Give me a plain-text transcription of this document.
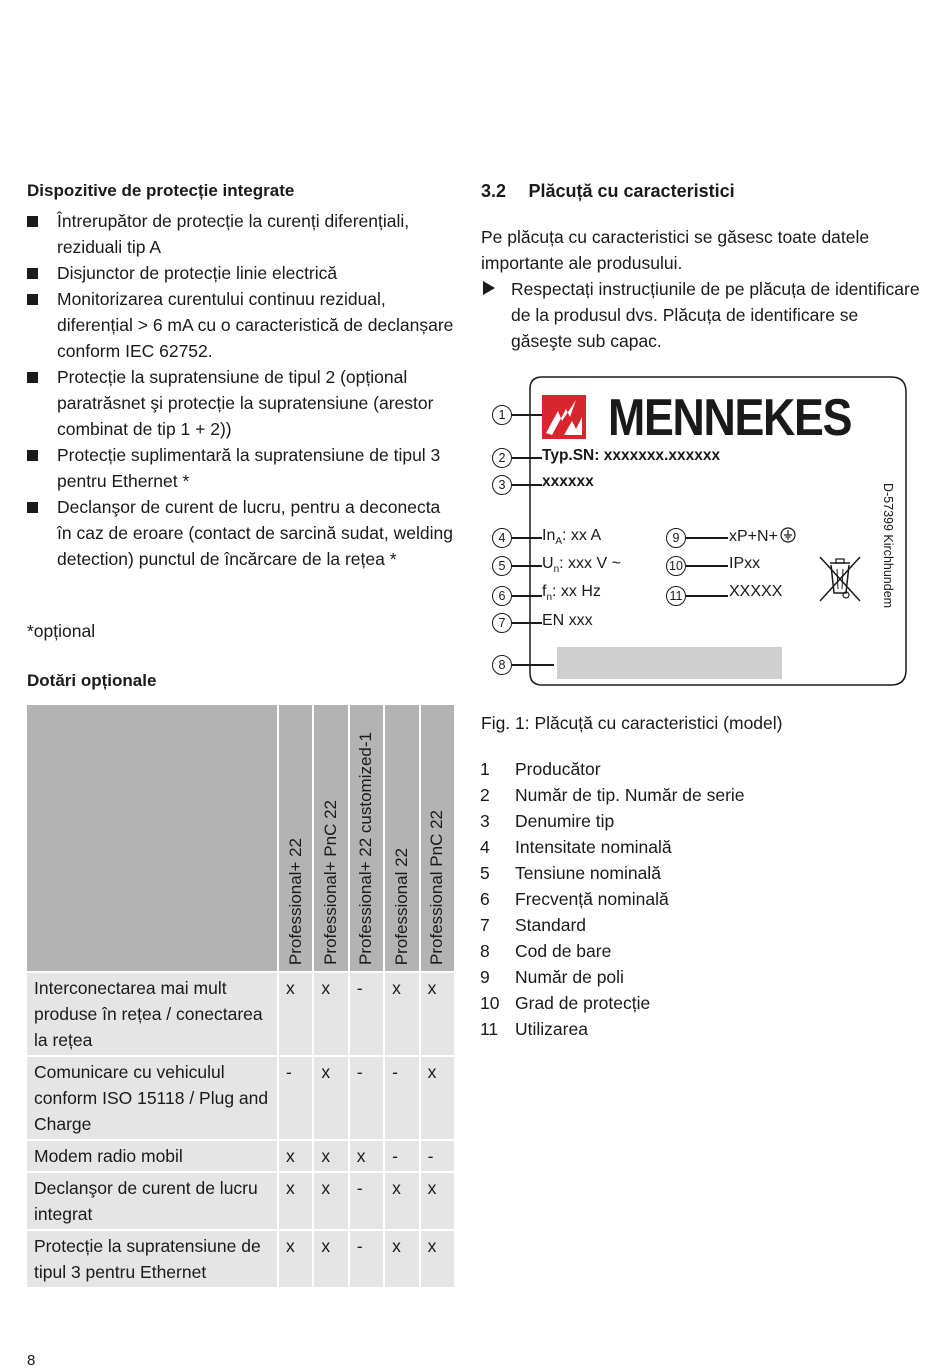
Dispozitive de protecție integrate
Întrerupător de protecție la curenți diferențiali, reziduali tip A
Disjunctor de protecție linie electrică
Monitorizarea curentului continuu rezidual, diferențial > 6 mA cu o caracteristică de declanșare conform IEC 62752.
Protecție la supratensiune de tipul 2 (opțional paratrăsnet şi protecție la supratensiune (arestor combinat de tip 1 + 2))
Protecție suplimentară la supratensiune de tipul 3 pentru Ethernet *
Declanşor de curent de lucru, pentru a deconecta în caz de eroare (contact de sarcină sudat, welding detection) punctul de încărcare de la rețea *
*opțional
Dotări opționale

	Professional+ 22	Professional+ PnC 22	Professional+ 22 customized-1	Professional 22	Professional PnC 22

Interconectarea mai mult produse în rețea / conectarea la rețea	x	x	-	x	x
Comunicare cu vehiculul conform ISO 15118 / Plug and Charge	-	x	-	-	x
Modem radio mobil	x	x	x	-	-
Declanşor de curent de lucru integrat	x	x	-	x	x
Protecție la supratensiune de tipul 3 pentru Ethernet	x	x	-	x	x
3.2 Plăcuță cu caracteristici
Pe plăcuța cu caracteristici se găsesc toate datele importante ale produsului.
Respectați instrucțiunile de pe plăcuța de identificare de la produsul dvs. Plăcuța de identificare se găseşte sub capac.
MENNEKES
1
2	Typ.SN: xxxxxxx.xxxxxx
3	xxxxxx
4	$In_A$: xx A
5	$U_n$: xxx V ~
6	$f_n$: xx Hz
7	EN xxx
8
9	xP+N+
10	IPxx
11	XXXXX	D-57399 Kirchhundem
Fig. 1: Plăcuță cu caracteristici (model)
1 Producător
2 Număr de tip. Număr de serie
3 Denumire tip
4 Intensitate nominală
5 Tensiune nominală
6 Frecvență nominală
7 Standard
8 Cod de bare
9 Număr de poli
10 Grad de protecție
11 Utilizarea
8
